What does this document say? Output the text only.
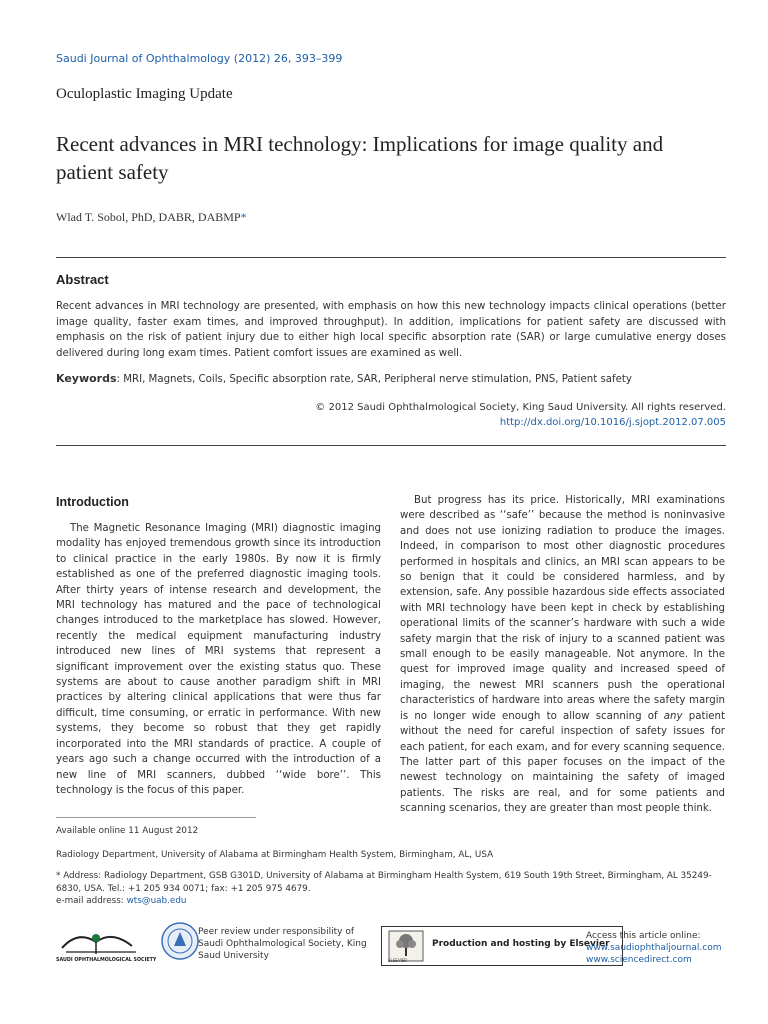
Saudi Journal of Ophthalmology (2012) 26, 393–399
Oculoplastic Imaging Update
Recent advances in MRI technology: Implications for image quality and patient safety
Wlad T. Sobol, PhD, DABR, DABMP*
Abstract
Recent advances in MRI technology are presented, with emphasis on how this new technology impacts clinical operations (better image quality, faster exam times, and improved throughput). In addition, implications for patient safety are discussed with emphasis on the risk of patient injury due to either high local specific absorption rate (SAR) or large cumulative energy doses delivered during long exam times. Patient comfort issues are examined as well.
Keywords: MRI, Magnets, Coils, Specific absorption rate, SAR, Peripheral nerve stimulation, PNS, Patient safety
© 2012 Saudi Ophthalmological Society, King Saud University. All rights reserved.
http://dx.doi.org/10.1016/j.sjopt.2012.07.005
Introduction

The Magnetic Resonance Imaging (MRI) diagnostic imaging modality has enjoyed tremendous growth since its introduction to clinical practice in the early 1980s. By now it is firmly established as one of the preferred diagnostic imaging tools. After thirty years of intense research and development, the MRI technology has matured and the pace of technological changes introduced to the marketplace has slowed. However, recently the medical equipment manufacturing industry introduced new lines of MRI systems that represent a significant improvement over the existing status quo. These systems are about to cause another paradigm shift in MRI practices by altering clinical applications that were thus far difficult, time consuming, or erratic in performance. With new systems, they become so robust that they get rapidly incorporated into the MRI standards of practice. A couple of years ago such a change occurred with the introduction of a new line of MRI scanners, dubbed ‘‘wide bore’’. This technology is the focus of this paper.

But progress has its price. Historically, MRI examinations were described as ‘‘safe’’ because the method is noninvasive and does not use ionizing radiation to produce the images. Indeed, in comparison to most other diagnostic procedures performed in hospitals and clinics, an MRI scan appears to be so benign that it could be considered harmless, and by extension, safe. Any possible hazardous side effects associated with MRI technology have been kept in check by establishing operational limits of the scanner’s hardware with such a wide safety margin that the risk of injury to a scanned patient was small enough to be easily manageable. Not anymore. In the quest for improved image quality and increased speed of imaging, the newest MRI scanners push the operational characteristics of hardware into areas where the safety margin is no longer wide enough to allow scanning of any patient without the need for careful inspection of safety issues for each patient, for each exam, and for every scanning sequence. The latter part of this paper focuses on the impact of the newest technology on maintaining the safety of imaged patients. The risks are real, and for some patients and scanning scenarios, they are greater than most people think.

Available online 11 August 2012
Radiology Department, University of Alabama at Birmingham Health System, Birmingham, AL, USA
* Address: Radiology Department, GSB G301D, University of Alabama at Birmingham Health System, 619 South 19th Street, Birmingham, AL 35249-6830, USA. Tel.: +1 205 934 0071; fax: +1 205 975 4679.
e-mail address: wts@uab.edu
SAUDI OPHTHALMOLOGICAL SOCIETY
Peer review under responsibility of Saudi Ophthalmological Society, King Saud University	ELSEVIER
Production and hosting by Elsevier
Access this article online:
www.saudiophthaljournal.com
www.sciencedirect.com
